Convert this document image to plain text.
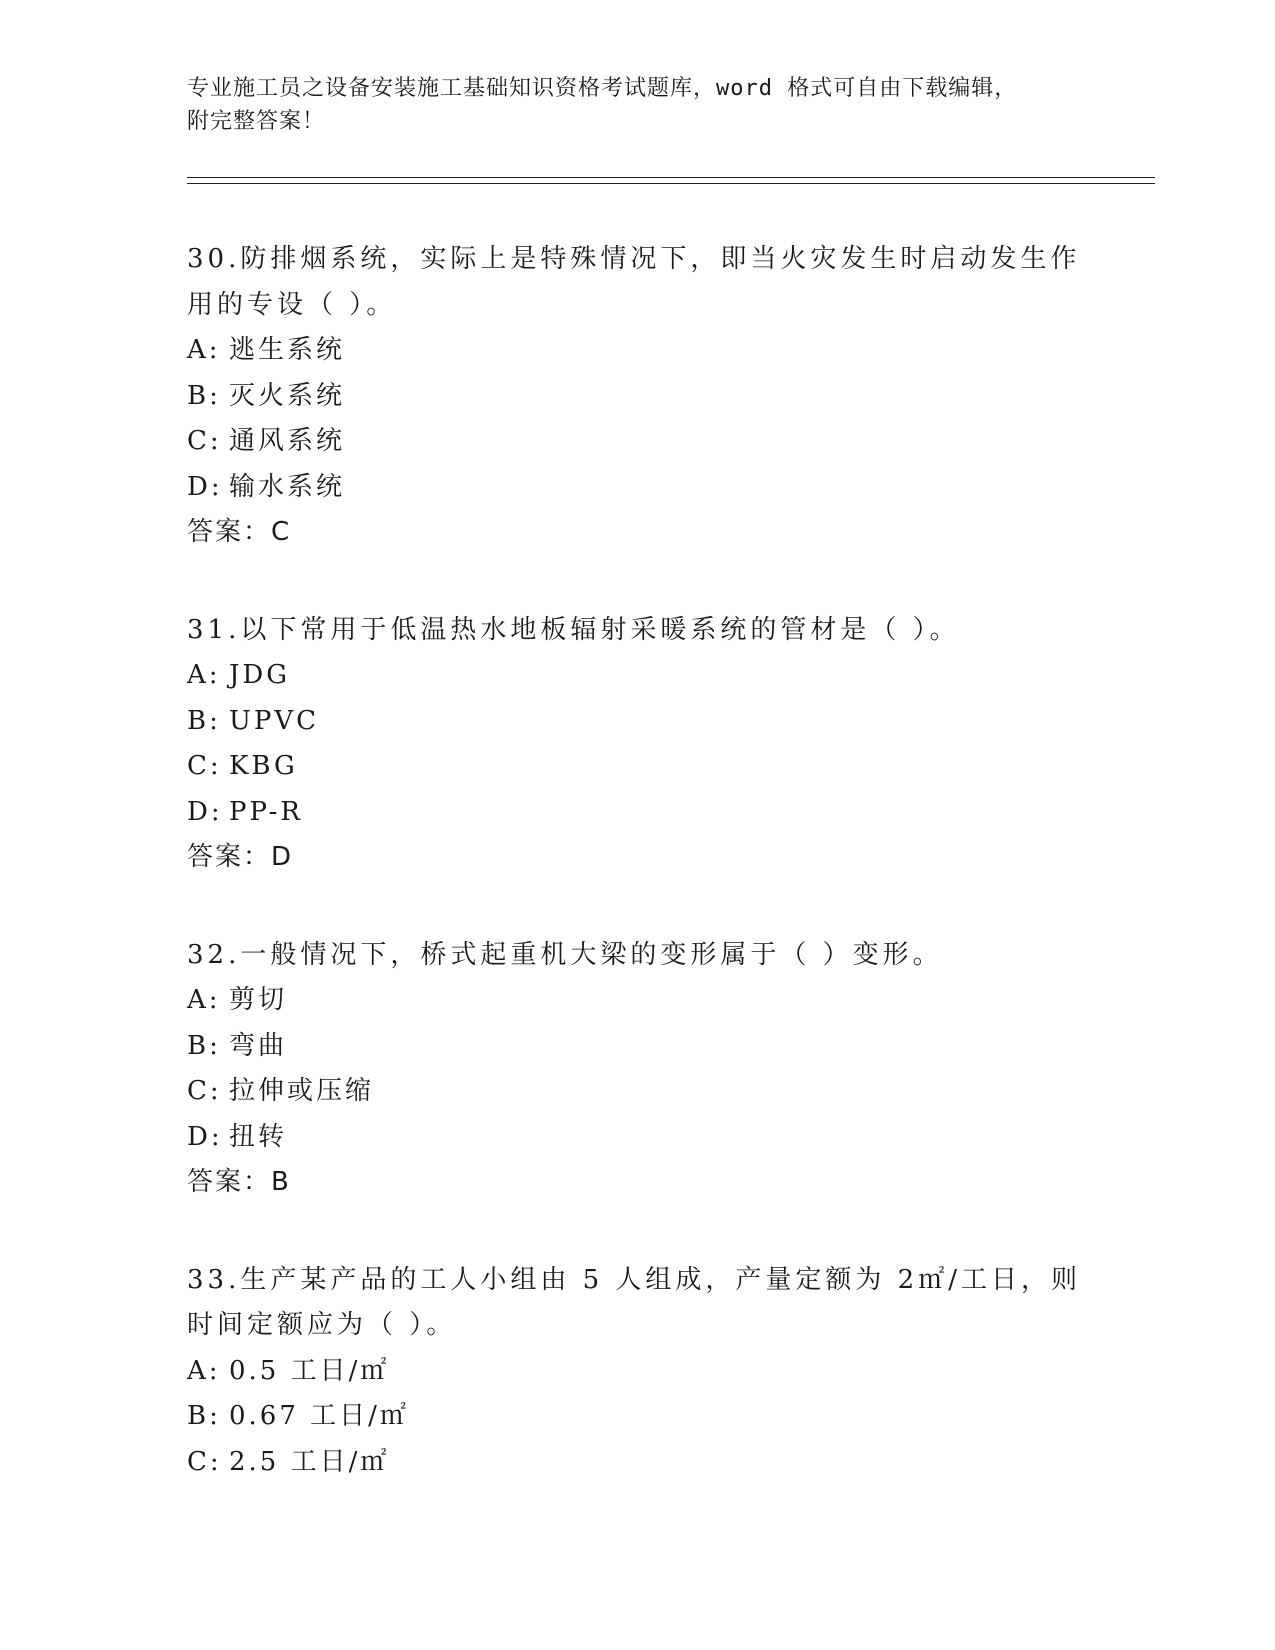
专业施工员之设备安装施工基础知识资格考试题库，word 格式可自由下载编辑，
附完整答案！
30.防排烟系统，实际上是特殊情况下，即当火灾发生时启动发生作用的专设（ ）。
A: 逃生系统
B: 灭火系统
C: 通风系统
D: 输水系统
答案：C
31.以下常用于低温热水地板辐射采暖系统的管材是（ ）。
A: JDG
B: UPVC
C: KBG
D: PP-R
答案：D
32.一般情况下，桥式起重机大梁的变形属于（ ）变形。
A: 剪切
B: 弯曲
C: 拉伸或压缩
D: 扭转
答案：B
33.生产某产品的工人小组由 5 人组成，产量定额为 2㎡/工日，则时间定额应为（ ）。
A: 0.5 工日/㎡
B: 0.67 工日/㎡
C: 2.5 工日/㎡
